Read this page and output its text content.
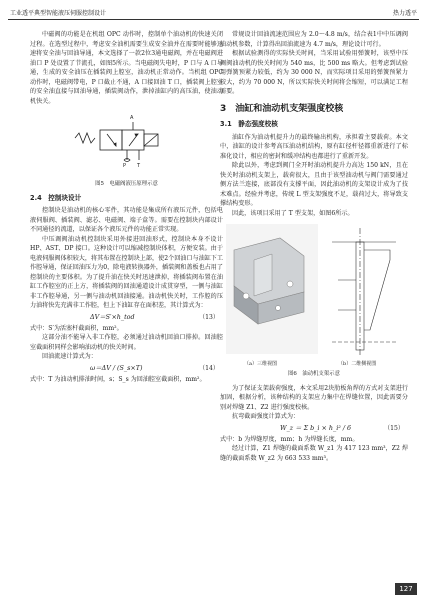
工业透平典型智能液压伺服控制设计	热力透平

中磁阀的功能是在机组 OPC 动作时，控制单个油动机的快速关闭过程。在选型过程中，考虑安全油机需要生成安全油并在需要时能够迅速将安全油与回油导通，本文选择了一款2位3通电磁阀，并在电磁阀进油口 P 处设置了节流孔，如图5所示。当电磁阀失电时，P 口与 A 口导通，生成的安全油压在插装阀上腔室，油动机正常动作。当机组 OPC 动作时，电磁阀带电，P 口截止不通，A 口接回油 T 口，插装阀上腔室的安全油直接与回油导通，插装阀动作，泄掉油缸内的高压油，使油动机快关。

A
P T
图5　电磁阀液压原理示意
2.4　控制块设计

控制块是油动机的核心零件，其功能是集成所有液压元件，包括电液伺服阀、插装阀、滤芯、电磁阀、端子盒等。需要在控制块内部设计不同通径的流道，以保证各个液压元件的功能正常实现。

中压调阀油动机控制块采用外接进回油形式，控制块本身不设计 HP、AST、DP 接口。这种设计可以缩减控制块体积，方便安装。由于电液伺服阀体积较大，将其布置在控制块上部，使2个回油口与油缸下工作腔导通，保证回油压力为0，除电液转换器外，插装阀和盖板也占用了控制块的主要体积。为了提升油在快关时迅速泄掉，将插装阀布置在油缸工作腔室的正上方，将插装阀的回油通道设计成贯穿型，一侧与油缸非工作腔导通，另一侧与油动机回油接通。油动机快关时，工作腔的压力油将快先充满非工作腔，但上下油缸存在面积差，其计算式为：

ΔV＝S′×h_tod	（13）

式中：S′为活塞杆截面积，mm²。

这部分油不能导入非工作腔，必须通过油动机回油口排掉。回油腔室截面积同样会影响油动机的快关时间。

回油流速计算式为：

ω＝ΔV / (S_s×T)	（14）

式中：T 为油动机排油时间，s；S_s 为回油腔室截面积，mm²。

常规设计回油流速范围应为 2.0～4.8 m/s，结合表1中中压调阀油动机参数，计算得出回油流速为 4.7 m/s，理论设计可行。

根据试验测得的实际快关时间，当采用试验用弹簧时，该型中压调阀油动机的快关时间为 540 ms，比 500 ms 略大。但考虑到试验用弹簧预紧力较低，约为 30 000 N，而实际项目采用的弹簧预紧力较大，约为 70 000 N，所以实际快关时间将会缩短，可以满足工程需要。

3　油缸和油动机支架强度校核
3.1　静态强度校核

油缸作为油动机提升力的最终输出机构，承担着主要载荷。本文中，油缸的设计参考高压油动机结构，原有缸径杆径都重新进行了标准化设计，相应的密封和缓冲结构也都进行了重新开发。

除此以外，考虑到阀门全开时油动机提升力高达 150 kN，且在快关时油动机支架上，载荷很大，且由于该型油动机与阀门需要通过侧方法兰连接，底部没有支撑平面，因此油动机的支架设计成为了技术难点。经验并考虑，传统 L 型支架强度不足，载荷过大，将导致支撑结构变形。

因此，该项目采用了 T 型支架，如图6所示。

（a）三维视图	（b）二维侧视图
图6　油动机支架示意

为了保证支架载荷强度，本文采用2块肋板角焊的方式对支架进行加固，根据分析，该种结构的支架应力集中在焊缝位置，因此需要分别对焊缝 Z1、Z2 进行强度校核。

抗弯截面强度计算式为：

W_z ＝ Σ b_i × h_i² / 6	（15）

式中：b 为焊缝厚度，mm；h 为焊缝长度，mm。

经过计算，Z1 焊缝的截面系数 W_z1 为 417 123 mm³，Z2 焊缝的截面系数 W_z2 为 663 533 mm³。

127
